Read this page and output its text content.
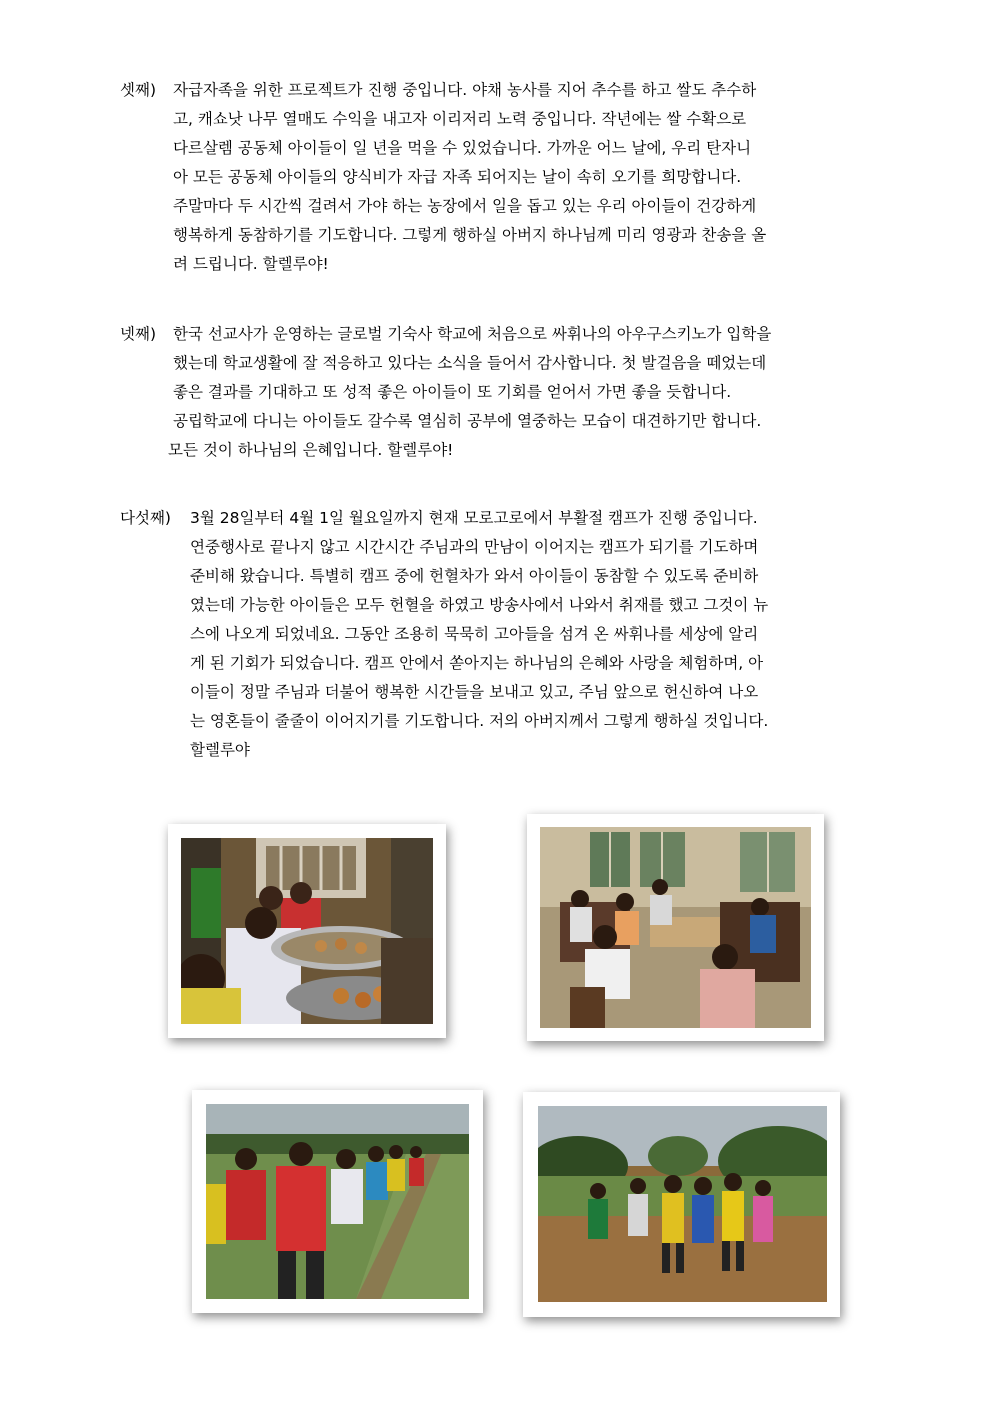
셋째) 자급자족을 위한 프로젝트가 진행 중입니다. 야채 농사를 지어 추수를 하고 쌀도 추수하
고, 캐쇼낫 나무 열매도 수익을 내고자 이리저리 노력 중입니다. 작년에는 쌀 수확으로
다르살렘 공동체 아이들이 일 년을 먹을 수 있었습니다. 가까운 어느 날에, 우리 탄자니
아 모든 공동체 아이들의 양식비가 자급 자족 되어지는 날이 속히 오기를 희망합니다.
주말마다 두 시간씩 걸려서 가야 하는 농장에서 일을 돕고 있는 우리 아이들이 건강하게
행복하게 동참하기를 기도합니다. 그렇게 행하실 아버지 하나님께 미리 영광과 찬송을 올
려 드립니다. 할렐루야!
넷째) 한국 선교사가 운영하는 글로벌 기숙사 학교에 처음으로 싸휘나의 아우구스키노가 입학을
했는데 학교생활에 잘 적응하고 있다는 소식을 들어서 감사합니다. 첫 발걸음을 떼었는데
좋은 결과를 기대하고 또 성적 좋은 아이들이 또 기회를 얻어서 가면 좋을 듯합니다.
공립학교에 다니는 아이들도 갈수록 열심히 공부에 열중하는 모습이 대견하기만 합니다.
모든 것이 하나님의 은혜입니다. 할렐루야!
다섯째) 3월 28일부터 4월 1일 월요일까지 현재 모로고로에서 부활절 캠프가 진행 중입니다.
연중행사로 끝나지 않고 시간시간 주님과의 만남이 이어지는 캠프가 되기를 기도하며
준비해 왔습니다. 특별히 캠프 중에 헌혈차가 와서 아이들이 동참할 수 있도록 준비하
였는데 가능한 아이들은 모두 헌혈을 하였고 방송사에서 나와서 취재를 했고 그것이 뉴
스에 나오게 되었네요. 그동안 조용히 묵묵히 고아들을 섬겨 온 싸휘나를 세상에 알리
게 된 기회가 되었습니다. 캠프 안에서 쏟아지는 하나님의 은혜와 사랑을 체험하며, 아
이들이 정말 주님과 더불어 행복한 시간들을 보내고 있고, 주님 앞으로 헌신하여 나오
는 영혼들이 줄줄이 이어지기를 기도합니다. 저의 아버지께서 그렇게 행하실 것입니다.
할렐루야
